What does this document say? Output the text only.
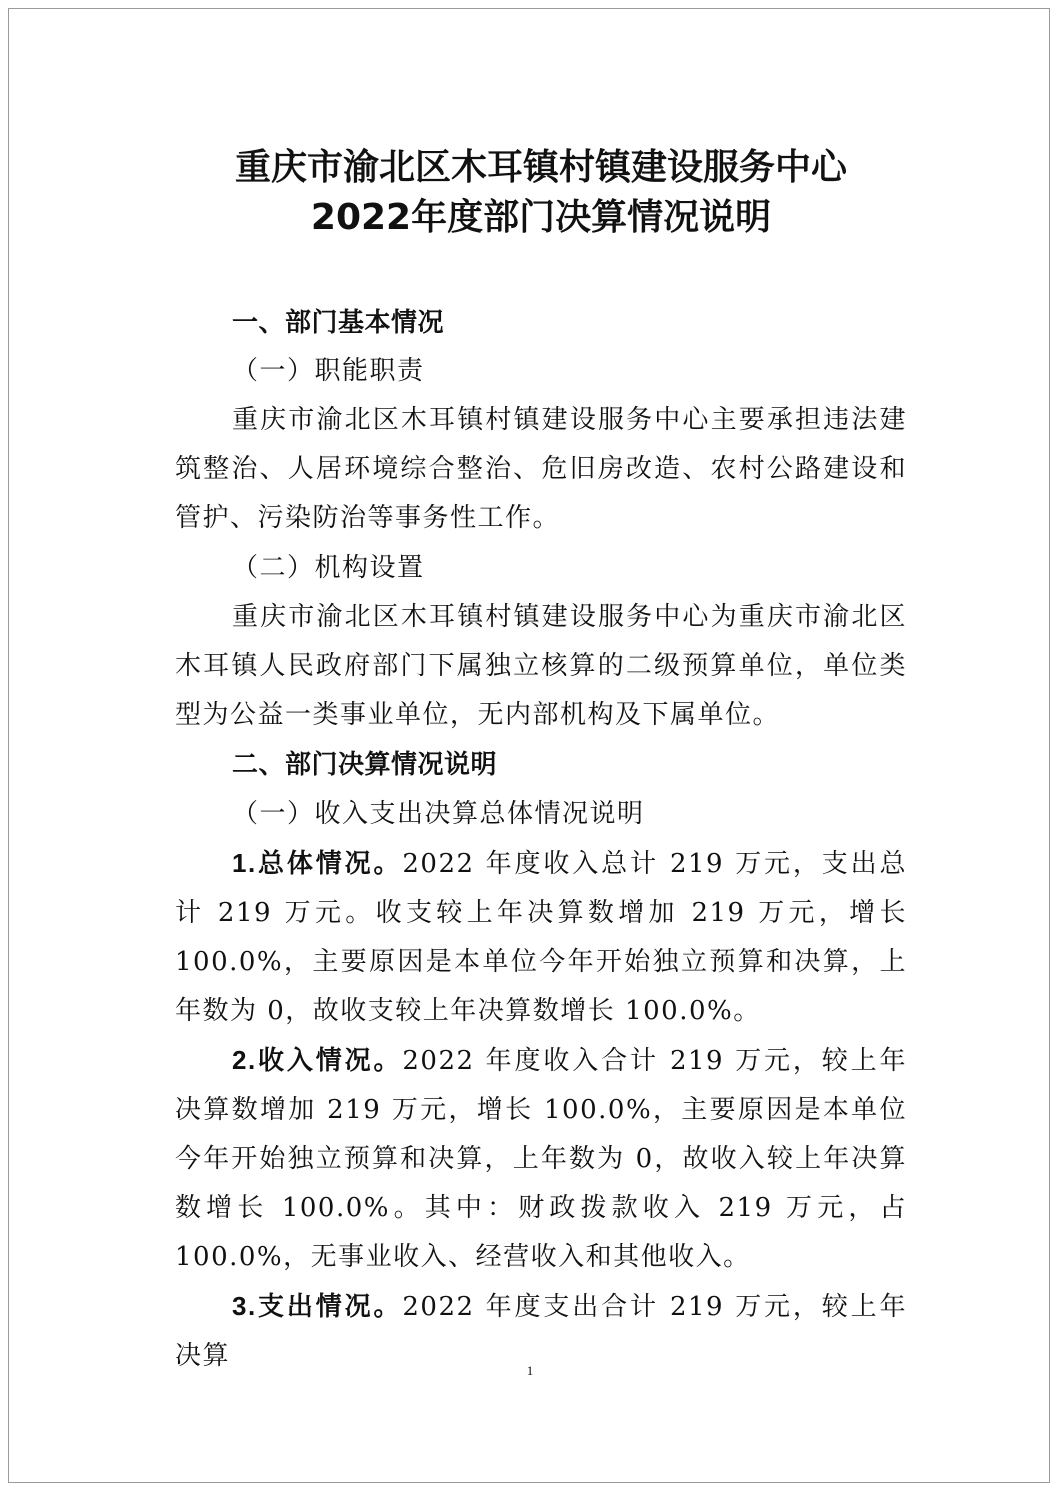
重庆市渝北区木耳镇村镇建设服务中心
2022年度部门决算情况说明

一、部门基本情况

（一）职能职责

重庆市渝北区木耳镇村镇建设服务中心主要承担违法建筑整治、人居环境综合整治、危旧房改造、农村公路建设和管护、污染防治等事务性工作。

（二）机构设置

重庆市渝北区木耳镇村镇建设服务中心为重庆市渝北区木耳镇人民政府部门下属独立核算的二级预算单位，单位类型为公益一类事业单位，无内部机构及下属单位。

二、部门决算情况说明

（一）收入支出决算总体情况说明

1.总体情况。2022 年度收入总计 219 万元，支出总计 219 万元。收支较上年决算数增加 219 万元，增长 100.0%，主要原因是本单位今年开始独立预算和决算，上年数为 0，故收支较上年决算数增长 100.0%。

2.收入情况。2022 年度收入合计 219 万元，较上年决算数增加 219 万元，增长 100.0%，主要原因是本单位今年开始独立预算和决算，上年数为 0，故收入较上年决算数增长 100.0%。其中：财政拨款收入 219 万元，占 100.0%，无事业收入、经营收入和其他收入。

3.支出情况。2022 年度支出合计 219 万元，较上年决算	1
